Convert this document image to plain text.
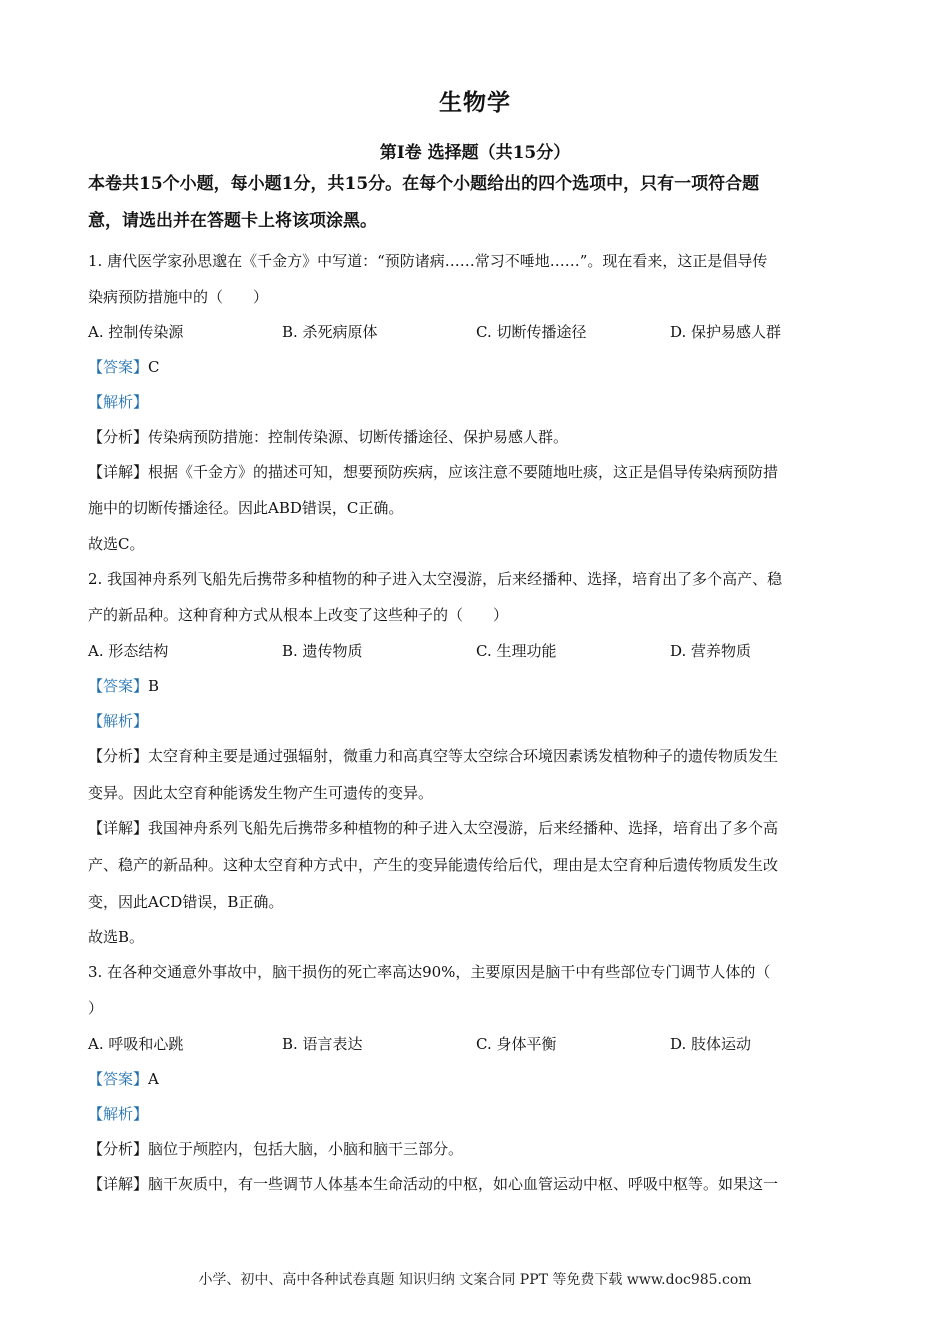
生物学
第Ⅰ卷 选择题（共15分）
本卷共15个小题，每小题1分，共15分。在每个小题给出的四个选项中，只有一项符合题
意，请选出并在答题卡上将该项涂黑。
1. 唐代医学家孙思邈在《千金方》中写道：“预防诸病……常习不唾地……”。现在看来，这正是倡导传
染病预防措施中的（　　）
A. 控制传染源	B. 杀死病原体	C. 切断传播途径	D. 保护易感人群
【答案】C
【解析】
【分析】传染病预防措施：控制传染源、切断传播途径、保护易感人群。
【详解】根据《千金方》的描述可知，想要预防疾病，应该注意不要随地吐痰，这正是倡导传染病预防措
施中的切断传播途径。因此ABD错误，C正确。
故选C。
2. 我国神舟系列飞船先后携带多种植物的种子进入太空漫游，后来经播种、选择，培育出了多个高产、稳
产的新品种。这种育种方式从根本上改变了这些种子的（　　）
A. 形态结构	B. 遗传物质	C. 生理功能	D. 营养物质
【答案】B
【解析】
【分析】太空育种主要是通过强辐射，微重力和高真空等太空综合环境因素诱发植物种子的遗传物质发生
变异。因此太空育种能诱发生物产生可遗传的变异。
【详解】我国神舟系列飞船先后携带多种植物的种子进入太空漫游，后来经播种、选择，培育出了多个高
产、稳产的新品种。这种太空育种方式中，产生的变异能遗传给后代，理由是太空育种后遗传物质发生改
变，因此ACD错误，B正确。
故选B。
3. 在各种交通意外事故中，脑干损伤的死亡率高达90%，主要原因是脑干中有些部位专门调节人体的（
）
A. 呼吸和心跳	B. 语言表达	C. 身体平衡	D. 肢体运动
【答案】A
【解析】
【分析】脑位于颅腔内，包括大脑，小脑和脑干三部分。
【详解】脑干灰质中，有一些调节人体基本生命活动的中枢，如心血管运动中枢、呼吸中枢等。如果这一
小学、初中、高中各种试卷真题 知识归纳 文案合同 PPT 等免费下载 www.doc985.com
